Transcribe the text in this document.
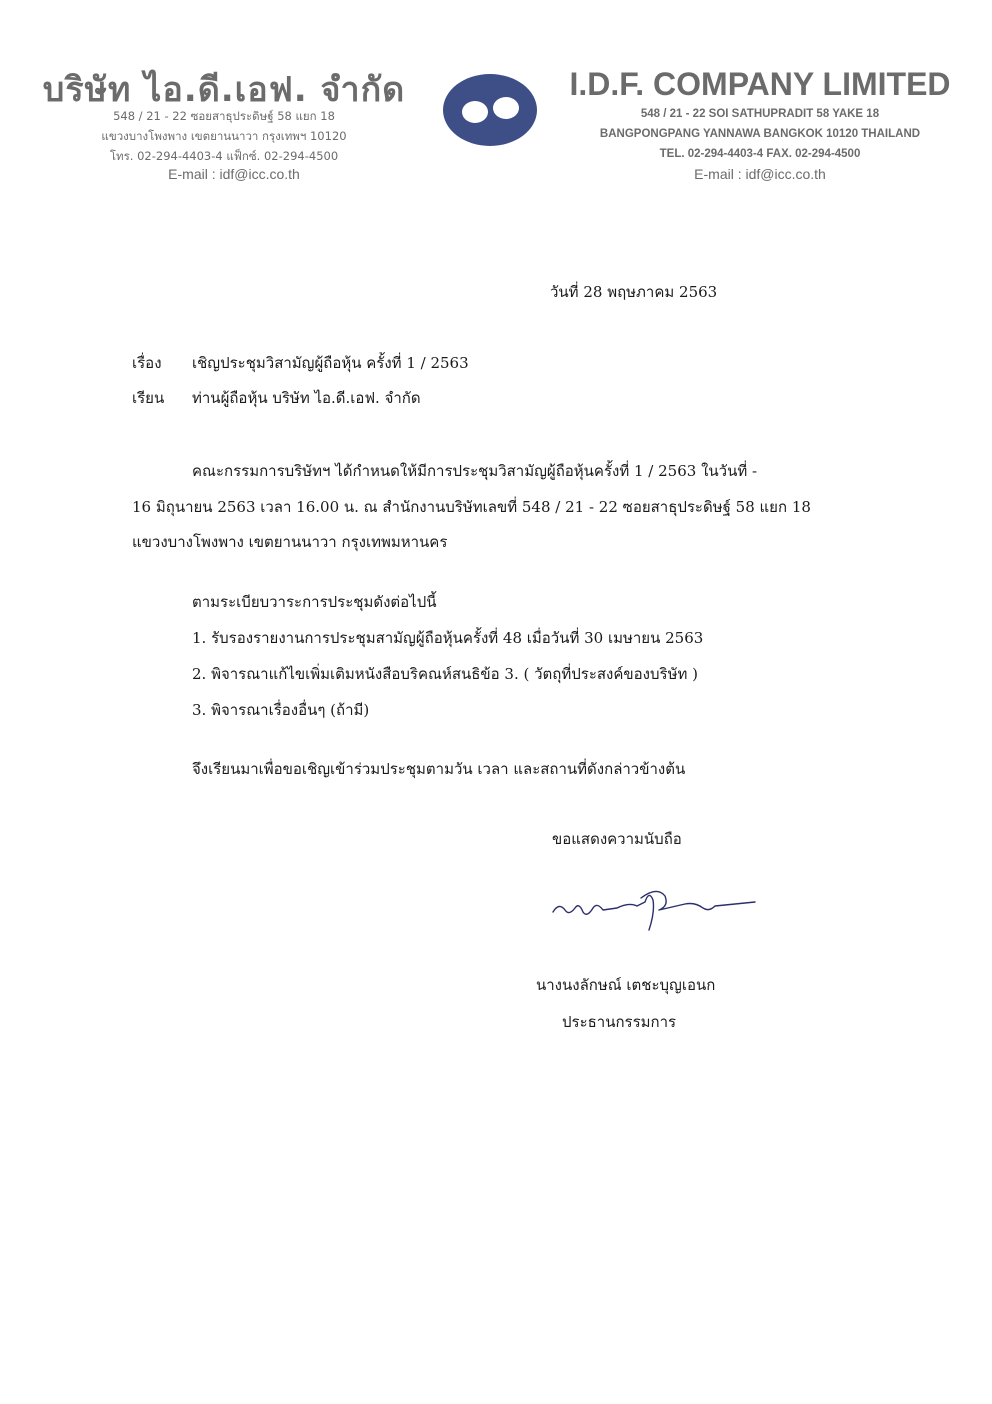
บริษัท ไอ.ดี.เอฟ. จำกัด
548 / 21 - 22 ซอยสาธุประดิษฐ์ 58 แยก 18
แขวงบางโพงพาง เขตยานนาวา กรุงเทพฯ 10120
โทร. 02-294-4403-4 แฟ็กซ์. 02-294-4500
E-mail : idf@icc.co.th
I.D.F. COMPANY LIMITED
548 / 21 - 22 SOI SATHUPRADIT 58 YAKE 18
BANGPONGPANG YANNAWA BANGKOK 10120 THAILAND
TEL. 02-294-4403-4 FAX. 02-294-4500
E-mail : idf@icc.co.th
วันที่ 28 พฤษภาคม 2563
เรื่อง	เชิญประชุมวิสามัญผู้ถือหุ้น ครั้งที่ 1 / 2563
เรียน	ท่านผู้ถือหุ้น บริษัท ไอ.ดี.เอฟ. จำกัด
คณะกรรมการบริษัทฯ ได้กำหนดให้มีการประชุมวิสามัญผู้ถือหุ้นครั้งที่ 1 / 2563 ในวันที่ -
16 มิถุนายน 2563 เวลา 16.00 น. ณ สำนักงานบริษัทเลขที่ 548 / 21 - 22 ซอยสาธุประดิษฐ์ 58 แยก 18
แขวงบางโพงพาง เขตยานนาวา กรุงเทพมหานคร
ตามระเบียบวาระการประชุมดังต่อไปนี้
1. รับรองรายงานการประชุมสามัญผู้ถือหุ้นครั้งที่ 48 เมื่อวันที่ 30 เมษายน 2563
2. พิจารณาแก้ไขเพิ่มเติมหนังสือบริคณห์สนธิข้อ 3. ( วัตถุที่ประสงค์ของบริษัท )
3. พิจารณาเรื่องอื่นๆ (ถ้ามี)
จึงเรียนมาเพื่อขอเชิญเข้าร่วมประชุมตามวัน เวลา และสถานที่ดังกล่าวข้างต้น
ขอแสดงความนับถือ
นางนงลักษณ์ เตชะบุญเอนก
ประธานกรรมการ
